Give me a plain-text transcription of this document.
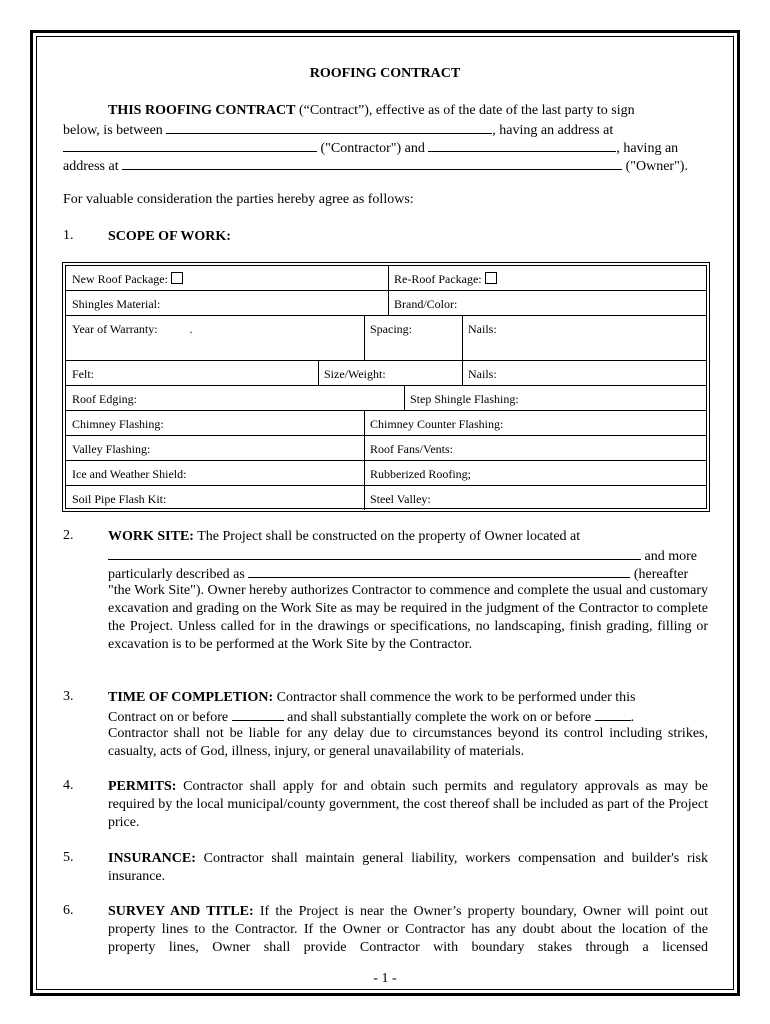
ROOFING CONTRACT
THIS ROOFING CONTRACT (“Contract”), effective as of the date of the last party to sign
below, is between	, having an address at
("Contractor") and	, having an
address at	("Owner").
For valuable consideration the parties hereby agree as follows:
1. SCOPE OF WORK:
New Roof Package:	Re-Roof Package:
Shingles Material:	Brand/Color:
Year of Warranty:	.	Spacing:	Nails:
Felt:	Size/Weight:	Nails:
Roof Edging:	Step Shingle Flashing:
Chimney Flashing:	Chimney Counter Flashing:
Valley Flashing:	Roof Fans/Vents:
Ice and Weather Shield:	Rubberized Roofing;
Soil Pipe Flash Kit:	Steel Valley:
2. WORK SITE: The Project shall be constructed on the property of Owner located at
and more
particularly described as	(hereafter
"the Work Site"). Owner hereby authorizes Contractor to commence and complete the usual and customary excavation and grading on the Work Site as may be required in the judgment of the Contractor to complete the Project. Unless called for in the drawings or specifications, no landscaping, finish grading, filling or excavation is to be performed at the Work Site by the Contractor.
3. TIME OF COMPLETION: Contractor shall commence the work to be performed under this
Contract on or before	and shall substantially complete the work on or before	.
Contractor shall not be liable for any delay due to circumstances beyond its control including strikes, casualty, acts of God, illness, injury, or general unavailability of materials.
4. PERMITS: Contractor shall apply for and obtain such permits and regulatory approvals as may be required by the local municipal/county government, the cost thereof shall be included as part of the Project price.
5. INSURANCE: Contractor shall maintain general liability, workers compensation and builder's risk insurance.
6. SURVEY AND TITLE: If the Project is near the Owner’s property boundary, Owner will point out property lines to the Contractor. If the Owner or Contractor has any doubt about the location of the property lines, Owner shall provide Contractor with boundary stakes through a licensed
- 1 -
